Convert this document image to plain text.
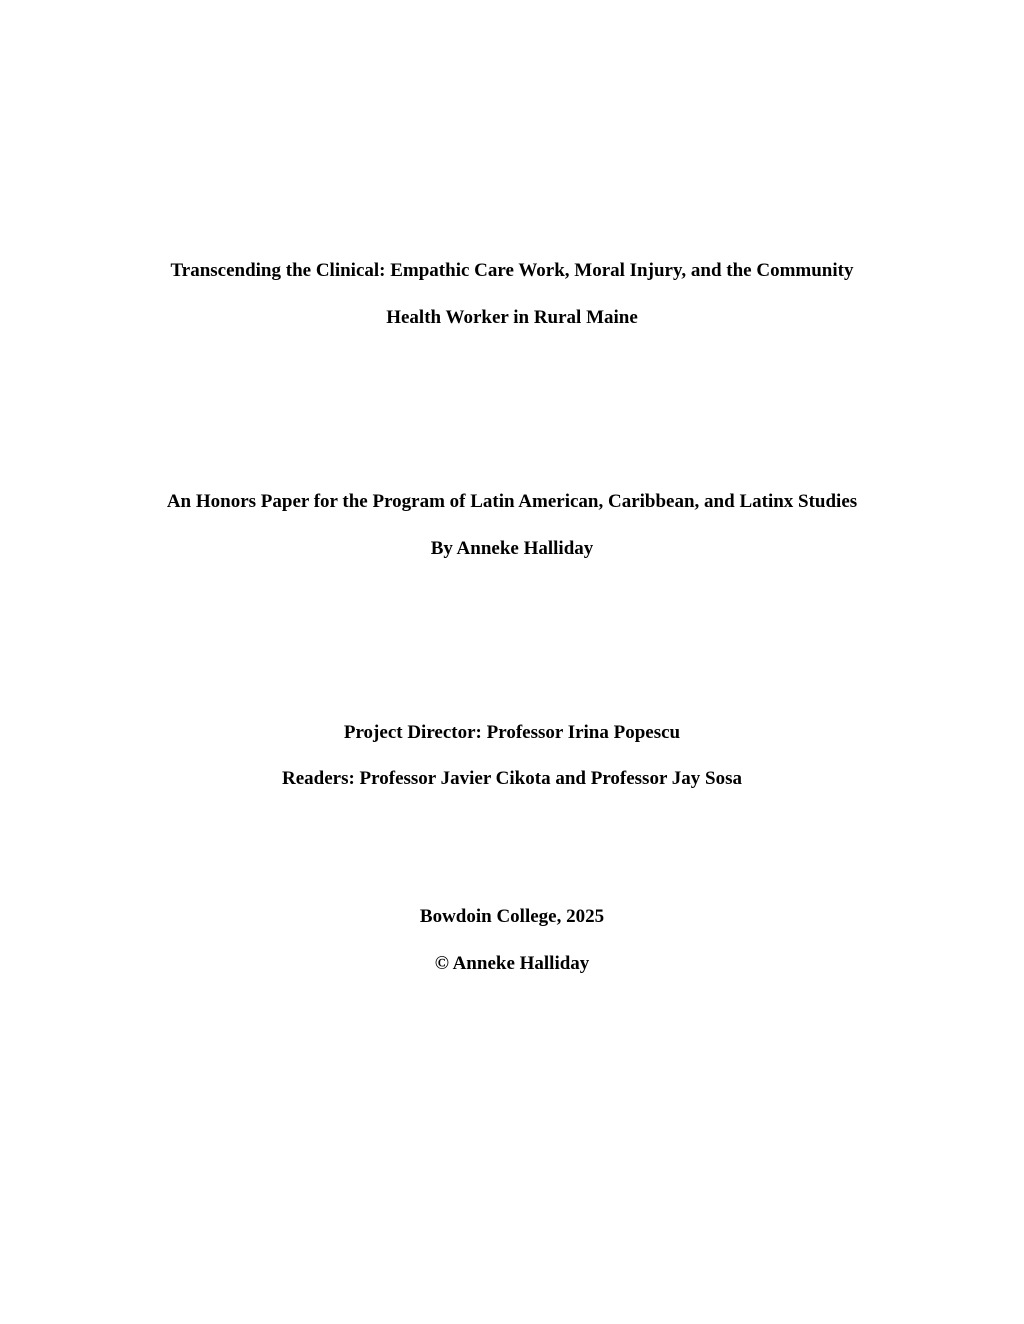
Transcending the Clinical: Empathic Care Work, Moral Injury, and the Community
Health Worker in Rural Maine
An Honors Paper for the Program of Latin American, Caribbean, and Latinx Studies
By Anneke Halliday
Project Director: Professor Irina Popescu
Readers: Professor Javier Cikota and Professor Jay Sosa
Bowdoin College, 2025
© Anneke Halliday
